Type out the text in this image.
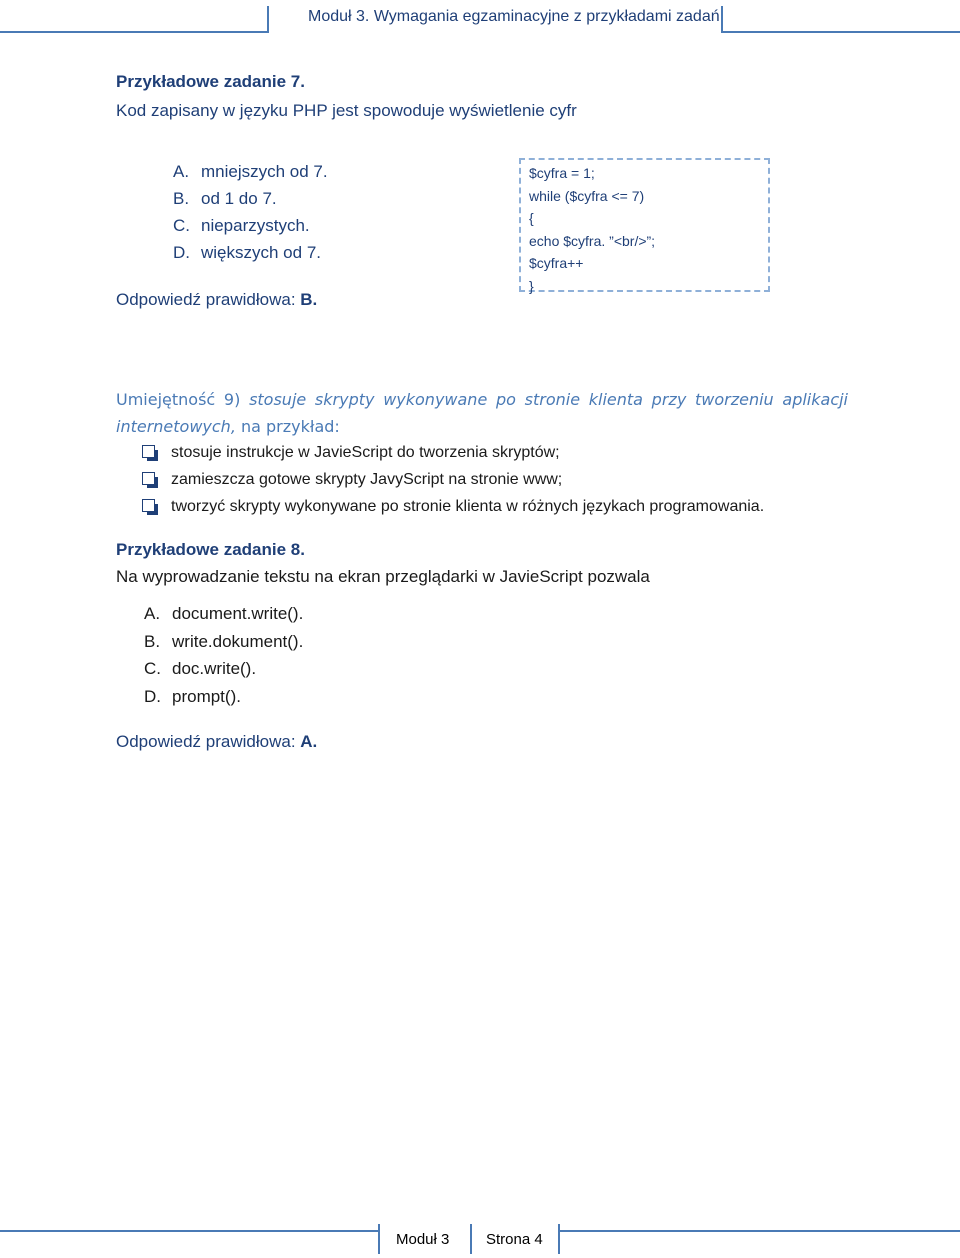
Moduł 3. Wymagania egzaminacyjne z przykładami zadań
Przykładowe zadanie 7.
Kod zapisany w języku PHP jest spowoduje wyświetlenie cyfr
A. mniejszych od 7.
B. od 1 do 7.
C. nieparzystych.
D. większych od 7.
Odpowiedź prawidłowa: B.
$cyfra = 1;
while ($cyfra <= 7)
{
echo $cyfra. ”<br/>”;
$cyfra++
}
Umiejętność 9) stosuje skrypty wykonywane po stronie klienta przy tworzeniu aplikacji internetowych, na przykład:
stosuje instrukcje w JavieScript do tworzenia skryptów;
zamieszcza gotowe skrypty JavyScript na stronie www;
tworzyć skrypty wykonywane po stronie klienta w różnych językach programowania.
Przykładowe zadanie 8.
Na wyprowadzanie tekstu na ekran przeglądarki w JavieScript pozwala
A. document.write().
B. write.dokument().
C. doc.write().
D. prompt().
Odpowiedź prawidłowa: A.
Moduł 3 Strona 4
